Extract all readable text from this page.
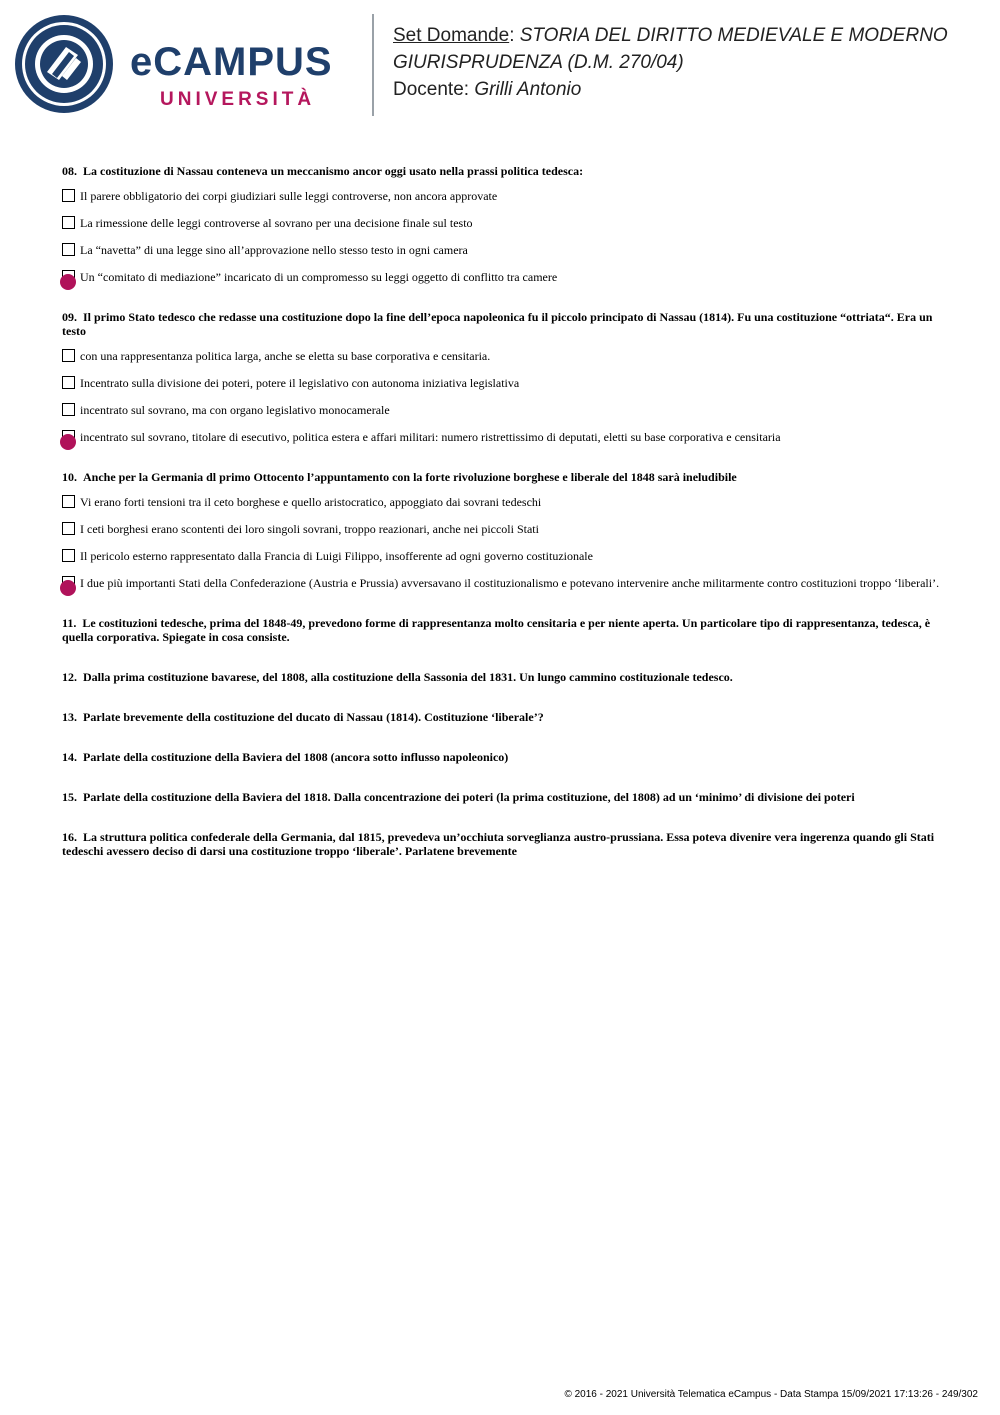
eCAMPUS
UNIVERSITÀ
Set Domande: STORIA DEL DIRITTO MEDIEVALE E MODERNO
GIURISPRUDENZA (D.M. 270/04)
Docente: Grilli Antonio
08. La costituzione di Nassau conteneva un meccanismo ancor oggi usato nella prassi politica tedesca:
Il parere obbligatorio dei corpi giudiziari sulle leggi controverse, non ancora approvate
La rimessione delle leggi controverse al sovrano per una decisione finale sul testo
La “navetta” di una legge sino all’approvazione nello stesso testo in ogni camera
Un “comitato di mediazione” incaricato di un compromesso su leggi oggetto di conflitto tra camere
09. Il primo Stato tedesco che redasse una costituzione dopo la fine dell’epoca napoleonica fu il piccolo principato di Nassau (1814). Fu una costituzione “ottriata“. Era un testo
con una rappresentanza politica larga, anche se eletta su base corporativa e censitaria.
Incentrato sulla divisione dei poteri, potere il legislativo con autonoma iniziativa legislativa
incentrato sul sovrano, ma con organo legislativo monocamerale
incentrato sul sovrano, titolare di esecutivo, politica estera e affari militari: numero ristrettissimo di deputati, eletti su base corporativa e censitaria
10. Anche per la Germania dl primo Ottocento l’appuntamento con la forte rivoluzione borghese e liberale del 1848 sarà ineludibile
Vi erano forti tensioni tra il ceto borghese e quello aristocratico, appoggiato dai sovrani tedeschi
I ceti borghesi erano scontenti dei loro singoli sovrani, troppo reazionari, anche nei piccoli Stati
Il pericolo esterno rappresentato dalla Francia di Luigi Filippo, insofferente ad ogni governo costituzionale
I due più importanti Stati della Confederazione (Austria e Prussia) avversavano il costituzionalismo e potevano intervenire anche militarmente contro costituzioni troppo ‘liberali’.
11. Le costituzioni tedesche, prima del 1848-49, prevedono forme di rappresentanza molto censitaria e per niente aperta. Un particolare tipo di rappresentanza, tedesca, è quella corporativa. Spiegate in cosa consiste.
12. Dalla prima costituzione bavarese, del 1808, alla costituzione della Sassonia del 1831. Un lungo cammino costituzionale tedesco.
13. Parlate brevemente della costituzione del ducato di Nassau (1814). Costituzione ‘liberale’?
14. Parlate della costituzione della Baviera del 1808 (ancora sotto influsso napoleonico)
15. Parlate della costituzione della Baviera del 1818. Dalla concentrazione dei poteri (la prima costituzione, del 1808) ad un ‘minimo’ di divisione dei poteri
16. La struttura politica confederale della Germania, dal 1815, prevedeva un’occhiuta sorveglianza austro-prussiana. Essa poteva divenire vera ingerenza quando gli Stati tedeschi avessero deciso di darsi una costituzione troppo ‘liberale’. Parlatene brevemente
© 2016 - 2021 Università Telematica eCampus - Data Stampa 15/09/2021 17:13:26 - 249/302
